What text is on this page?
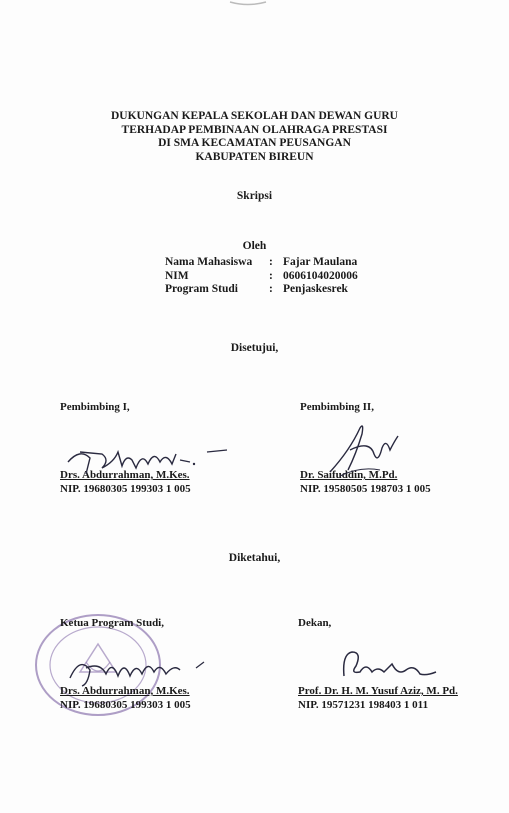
DUKUNGAN KEPALA SEKOLAH DAN DEWAN GURU
TERHADAP PEMBINAAN OLAHRAGA PRESTASI
DI SMA KECAMATAN PEUSANGAN
KABUPATEN BIREUN
Skripsi
Oleh
Nama Mahasiswa	: Fajar Maulana
NIM	: 0606104020006
Program Studi	: Penjaskesrek
Disetujui,
Pembimbing I,
Drs. Abdurrahman, M.Kes.
NIP. 19680305 199303 1 005
Pembimbing II,
Dr. Saifuddin, M.Pd.
NIP. 19580505 198703 1 005
Diketahui,
Ketua Program Studi,
Drs. Abdurrahman, M.Kes.
NIP. 19680305 199303 1 005
Dekan,
Prof. Dr. H. M. Yusuf Aziz, M. Pd.
NIP. 19571231 198403 1 011
